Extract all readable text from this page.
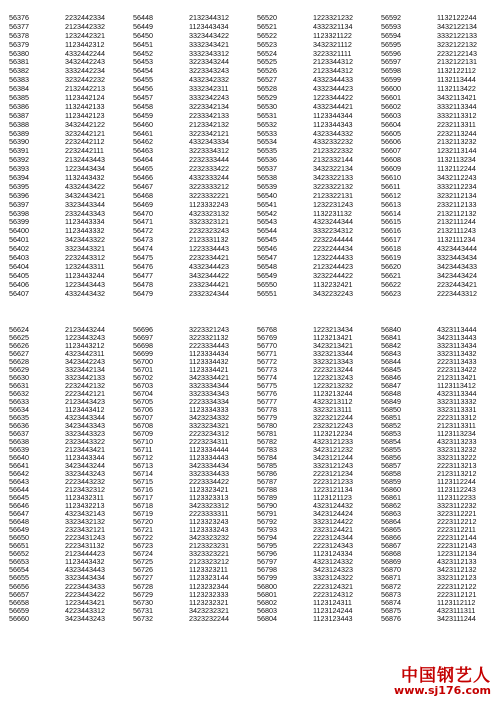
56376	2232442334
56377	2123442332
56378	1232442321
56379	1123442312
56380	4332442244
56381	3432442243
56382	3332442234
56383	3232442232
56384	2132442213
56385	1123442124
56386	1132442133
56387	1123442123
56388	3432442122
56389	3232442121
56390	2232442112
56391	2232442111
56392	2132443443
56393	1223443434
56394	1132443432
56395	4332443422
56396	3432443421
56397	3323443344
56398	2332443343
56399	1123443334
56400	1123443332
56401	3423443322
56402	3323443321
56403	2232443312
56404	1232443311
56405	1123443244
56406	1223443443
56407	4332443432
56448	2132344312
56449	1123443434
56450	3323443422
56451	3332343421
56452	3332343312
56453	3223343244
56454	3223343243
56455	4332342332
56456	3332342311
56457	3332342243
56458	3223342134
56459	2233342133
56460	2123342132
56461	3223342121
56462	4332343334
56463	3223334312
56464	2232333444
56465	2232333422
56466	4332333244
56467	3223333212
56468	3223332221
56469	1123332243
56470	4323323132
56471	3323323121
56472	2232323243
56473	2123331132
56474	1223334443
56475	2232334421
56476	4332344423
56477	3432344422
56478	2332344421
56479	2332324344
56520	1223321232
56521	4332321134
56522	1123321122
56523	3432321112
56524	3223321111
56525	2123344312
56526	2123344312
56527	4332344433
56528	4332344423
56529	1223344422
56530	4332344421
56531	1123344344
56532	1123344343
56533	4323344332
56534	4332332232
56535	2123322332
56536	2132332144
56537	3432322134
56538	3423322133
56539	3223322132
56540	2123322131
56541	1232231243
56542	1132231132
56543	4323244344
56544	3332234312
56545	2232244444
56546	2232244434
56547	1232244433
56548	2123244423
56549	3232244422
56550	1132232421
56551	3432232243
56592	1132122244
56593	3432122134
56594	3332122133
56595	3232122132
56596	2232122143
56597	2132122131
56598	1132122112
56599	1132113444
56600	1132113422
56601	3432113421
56602	3332113344
56603	3332113312
56604	2232113311
56605	2232113244
56606	2132113232
56607	1232113144
56608	1132113234
56609	1132112244
56610	3432112243
56611	3332112234
56612	3232112134
56613	2332112133
56614	2132112132
56615	2132111244
56616	2132111243
56617	1132111234
56618	4323443444
56619	3323443434
56620	3423443433
56621	3423443424
56622	2232443421
56623	2223443312
56624	2123443244
56625	1223443243
56626	1123443212
56627	4323442311
56628	3423442243
56629	3323442134
56630	3323442133
56631	2232442132
56632	2223442121
56633	2123443423
56634	1123443412
56635	4323443344
56636	3423443343
56637	3323443323
56638	2323443322
56639	2123443421
56640	1123443344
56641	3423443244
56642	3323443243
56643	2223443232
56644	2123432312
56645	1123432311
56646	1123432213
56647	4323432143
56648	3323432132
56649	2323432121
56650	2223431243
56651	2223431132
56652	2123444423
56653	1123443432
56654	4323443443
56655	3323443434
56656	2223443433
56657	2223443422
56658	1223443421
56659	4223443312
56660	3423443243
56696	3223321243
56697	3223321132
56698	2223334443
56699	1123334434
56700	1123334432
56701	1123334421
56702	3423334421
56703	3323334344
56704	3323334343
56705	2223334334
56706	1123334333
56707	3423234332
56708	3323234321
56709	2223234312
56710	2223234311
56711	1123334444
56712	1123334443
56713	3423334434
56714	3323334433
56715	2223334422
56716	1123323421
56717	1123323313
56718	3423323312
56719	2223333311
56720	1123323243
56721	1123333243
56722	3423323232
56723	2123323231
56724	3323323221
56725	2123323212
56726	1123323211
56727	1123323144
56728	1123232344
56729	1123232333
56730	1123232321
56731	3423232321
56732	2323232244
56768	1223213434
56769	1123213421
56770	3423213421
56771	3323213344
56772	3323213343
56773	2223213244
56774	1223213243
56775	1223213232
56776	1123213244
56777	4323213112
56778	3323213111
56779	3223212244
56780	2323212243
56781	1123212234
56782	4323121233
56783	3423121232
56784	3423121244
56785	3323121243
56786	2223121234
56787	2223121233
56788	1223121134
56789	1123121123
56790	4323124432
56791	3423124424
56792	3323124422
56793	2323124421
56794	2223124344
56795	2223124343
56796	1123124334
56797	4323124332
56798	3423124323
56799	3323124322
56800	2223124321
56801	2223124312
56802	1123124311
56803	1123124244
56804	1123123443
56840	4323113444
56841	3423113443
56842	3323113434
56843	3323113432
56844	2223113433
56845	2223113422
56846	2123113421
56847	1123113412
56848	4323113344
56849	3323113332
56850	3323113331
56851	2223113312
56852	2123113311
56853	1123113234
56854	4323113233
56855	3323113232
56856	3323113222
56857	2223113213
56858	2123113212
56859	1123112244
56860	1123112243
56861	1123112233
56862	3323112232
56863	3223112221
56864	2223112212
56865	2223112211
56866	2223112144
56867	2223112143
56868	1223112134
56869	4323112133
56870	3423112132
56871	3323112123
56872	2223112122
56873	2223112121
56874	1123112112
56875	4323111311
56876	3423111244
中国钢艺人
www.sj176.com
